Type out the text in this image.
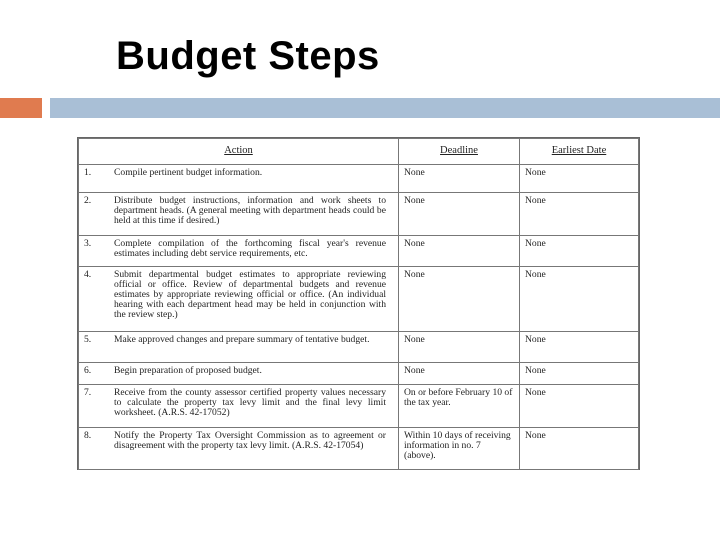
Budget Steps
Action		Deadline	Earliest Date
1.	Compile pertinent budget information.	None	None
2.	Distribute budget instructions, information and work sheets to department heads. (A general meeting with department heads could be held at this time if desired.)	None	None
3.	Complete compilation of the forthcoming fiscal year's revenue estimates including debt service requirements, etc.	None	None
4.	Submit departmental budget estimates to appropriate reviewing official or office. Review of departmental budgets and revenue estimates by appropriate reviewing official or office. (An individual hearing with each department head may be held in conjunction with the review step.)	None	None
5.	Make approved changes and prepare summary of tentative budget.	None	None
6.	Begin preparation of proposed budget.	None	None
7.	Receive from the county assessor certified property values necessary to calculate the property tax levy limit and the final levy limit worksheet. (A.R.S. 42-17052)	On or before February 10 of the tax year.	None
8.	Notify the Property Tax Oversight Commission as to agreement or disagreement with the property tax levy limit. (A.R.S. 42-17054)	Within 10 days of receiving information in no. 7 (above).	None
